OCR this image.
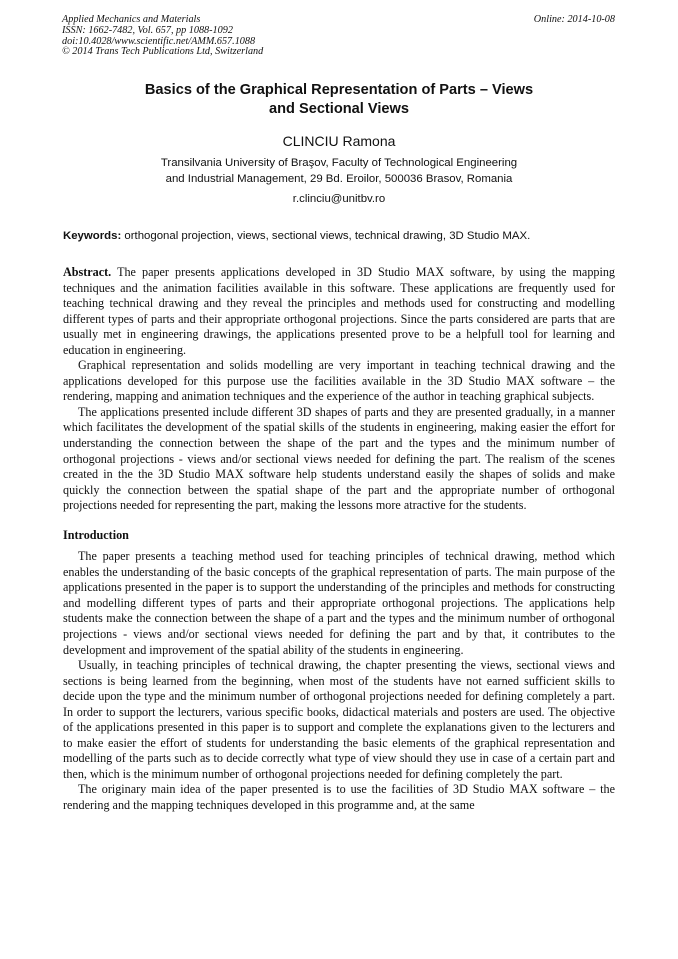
Applied Mechanics and Materials
ISSN: 1662-7482, Vol. 657, pp 1088-1092
doi:10.4028/www.scientific.net/AMM.657.1088
© 2014 Trans Tech Publications Ltd, Switzerland
Online: 2014-10-08
Basics of the Graphical Representation of Parts – Views
and Sectional Views
CLINCIU Ramona
Transilvania University of Braşov, Faculty of Technological Engineering
and Industrial Management, 29 Bd. Eroilor, 500036 Brasov, Romania
r.clinciu@unitbv.ro
Keywords: orthogonal projection, views, sectional views, technical drawing, 3D Studio MAX.

Abstract. The paper presents applications developed in 3D Studio MAX software, by using the mapping techniques and the animation facilities available in this software. These applications are frequently used for teaching technical drawing and they reveal the principles and methods used for constructing and modelling different types of parts and their appropriate orthogonal projections. Since the parts considered are parts that are usually met in engineering drawings, the applications presented prove to be a helpfull tool for learning and education in engineering.

Graphical representation and solids modelling are very important in teaching technical drawing and the applications developed for this purpose use the facilities available in the 3D Studio MAX software – the rendering, mapping and animation techniques and the experience of the author in teaching graphical subjects.

The applications presented include different 3D shapes of parts and they are presented gradually, in a manner which facilitates the development of the spatial skills of the students in engineering, making easier the effort for understanding the connection between the shape of the part and the types and the minimum number of orthogonal projections - views and/or sectional views needed for defining the part. The realism of the scenes created in the the 3D Studio MAX software help students understand easily the shapes of solids and make quickly the connection between the spatial shape of the part and the appropriate number of orthogonal projections needed for representing the part, making the lessons more atractive for the students.

Introduction

The paper presents a teaching method used for teaching principles of technical drawing, method which enables the understanding of the basic concepts of the graphical representation of parts. The main purpose of the applications presented in the paper is to support the understanding of the principles and methods for constructing and modelling different types of parts and their appropriate orthogonal projections. The applications help students make the connection between the shape of a part and the types and the minimum number of orthogonal projections - views and/or sectional views needed for defining the part and by that, it contributes to the development and improvement of the spatial ability of the students in engineering.

Usually, in teaching principles of technical drawing, the chapter presenting the views, sectional views and sections is being learned from the beginning, when most of the students have not earned sufficient skills to decide upon the type and the minimum number of orthogonal projections needed for defining completely a part. In order to support the lecturers, various specific books, didactical materials and posters are used. The objective of the applications presented in this paper is to support and complete the explanations given to the lecturers and to make easier the effort of students for understanding the basic elements of the graphical representation and modelling of the parts such as to decide correctly what type of view should they use in case of a certain part and then, which is the minimum number of orthogonal projections needed for defining completely the part.

The originary main idea of the paper presented is to use the facilities of 3D Studio MAX software – the rendering and the mapping techniques developed in this programme and, at the same
